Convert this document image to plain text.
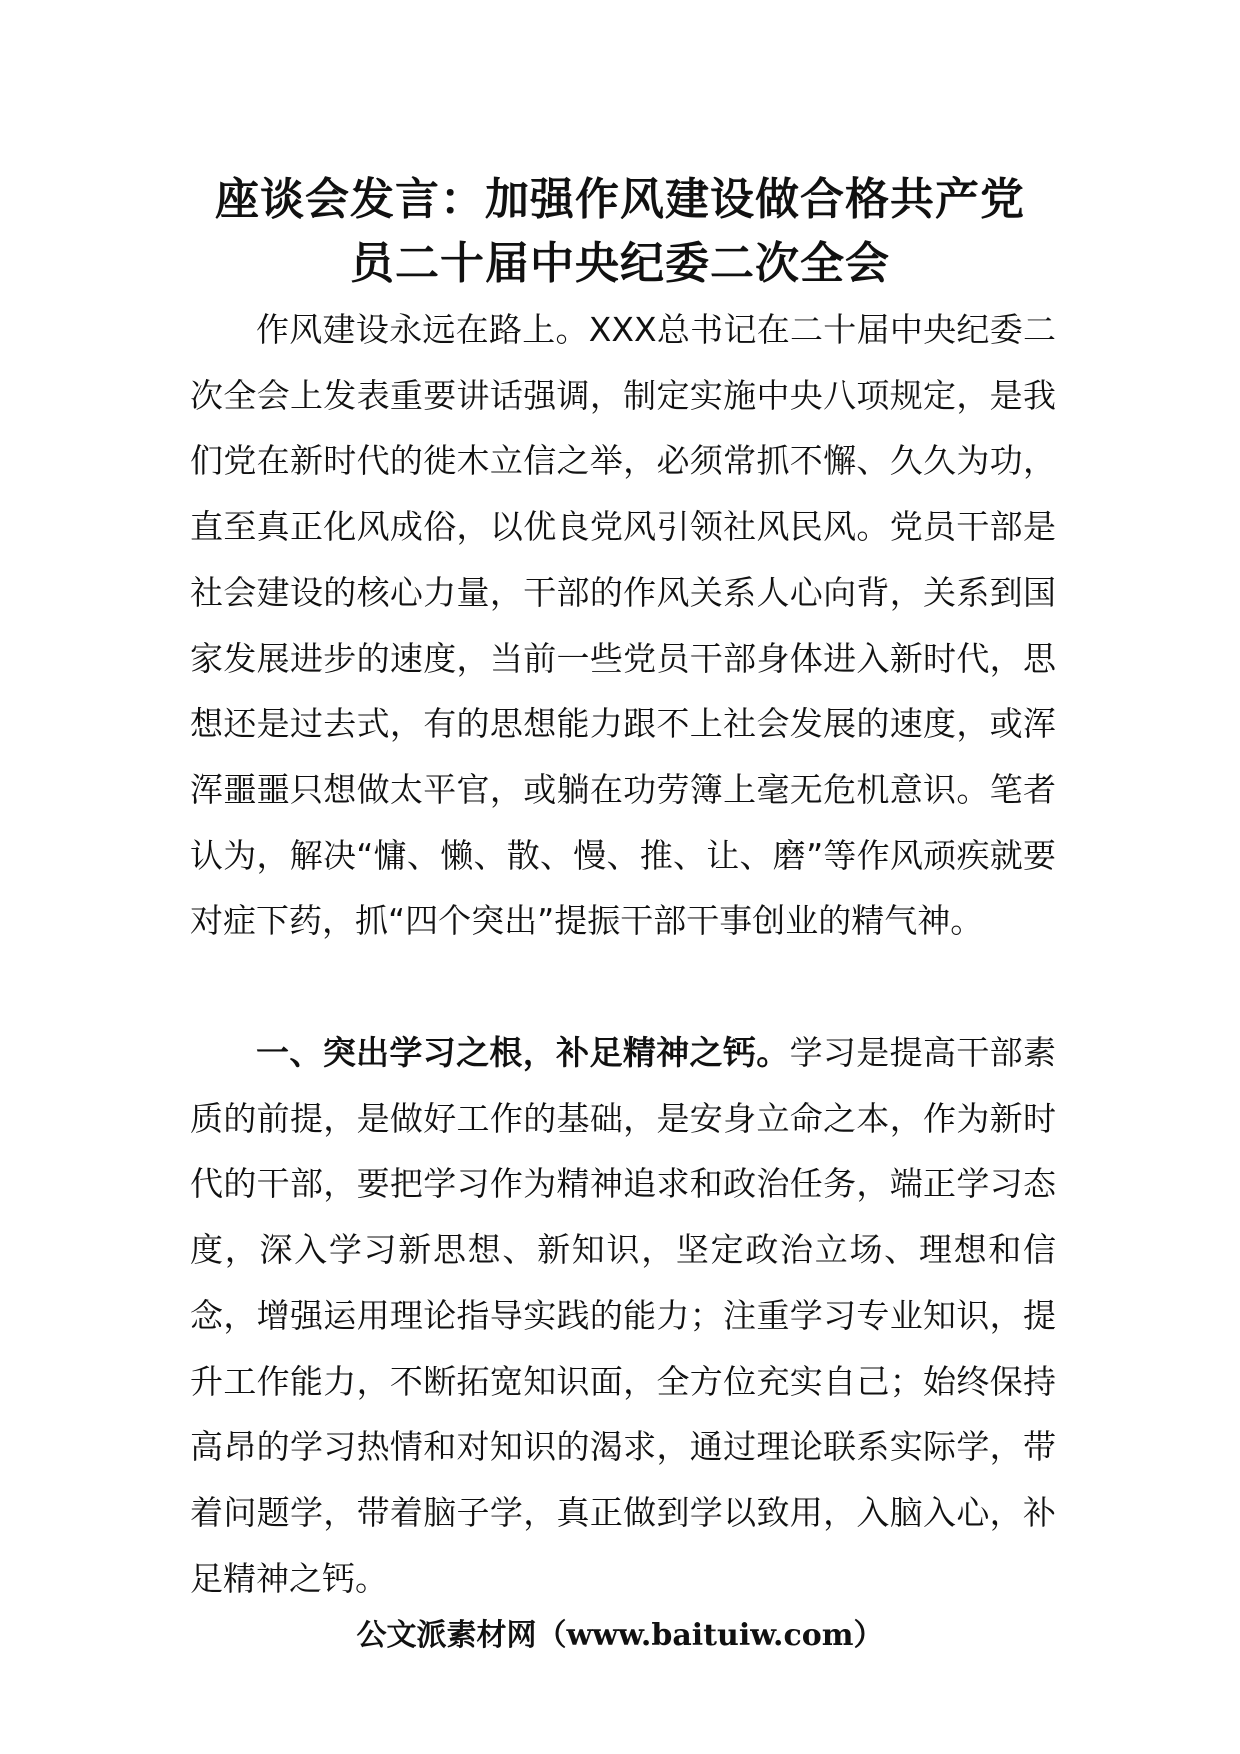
座谈会发言：加强作风建设做合格共产党
员二十届中央纪委二次全会

作风建设永远在路上。XXX总书记在二十届中央纪委二次全会上发表重要讲话强调，制定实施中央八项规定，是我们党在新时代的徙木立信之举，必须常抓不懈、久久为功，直至真正化风成俗，以优良党风引领社风民风。党员干部是社会建设的核心力量，干部的作风关系人心向背，关系到国家发展进步的速度，当前一些党员干部身体进入新时代，思想还是过去式，有的思想能力跟不上社会发展的速度，或浑浑噩噩只想做太平官，或躺在功劳簿上毫无危机意识。笔者认为，解决“慵、懒、散、慢、推、让、磨”等作风顽疾就要对症下药，抓“四个突出”提振干部干事创业的精气神。

一、突出学习之根，补足精神之钙。学习是提高干部素质的前提，是做好工作的基础，是安身立命之本，作为新时代的干部，要把学习作为精神追求和政治任务，端正学习态度，深入学习新思想、新知识，坚定政治立场、理想和信念，增强运用理论指导实践的能力；注重学习专业知识，提升工作能力，不断拓宽知识面，全方位充实自己；始终保持高昂的学习热情和对知识的渴求，通过理论联系实际学，带着问题学，带着脑子学，真正做到学以致用，入脑入心，补足精神之钙。

公文派素材网（www.baituiw.com）
